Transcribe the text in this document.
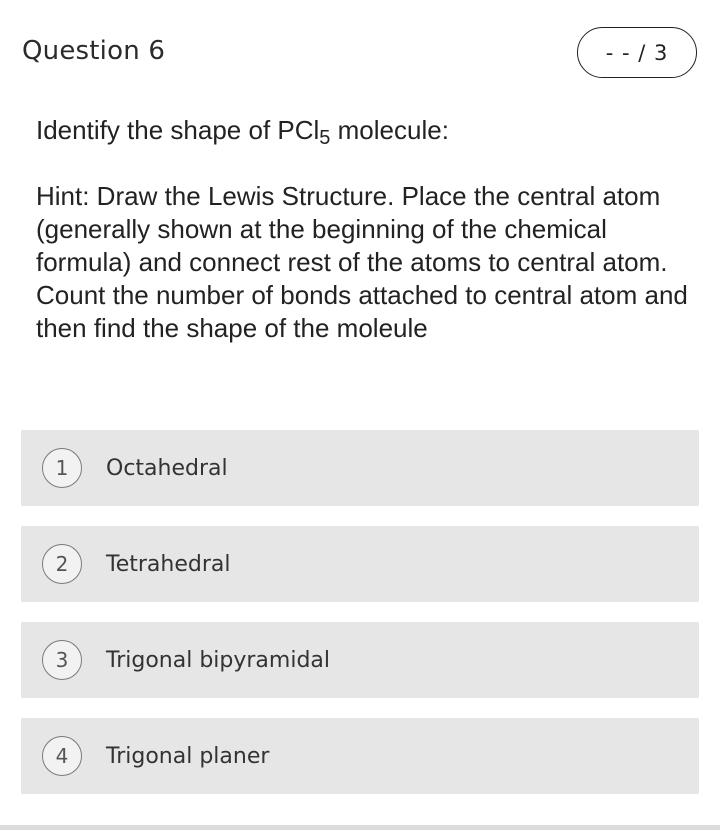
Question 6	- - / 3
Identify the shape of PCl$_5$ molecule:
Hint: Draw the Lewis Structure. Place the central atom (generally shown at the beginning of the chemical formula) and connect rest of the atoms to central atom. Count the number of bonds attached to central atom and then find the shape of the moleule
1	Octahedral
2	Tetrahedral
3	Trigonal bipyramidal
4	Trigonal planer
